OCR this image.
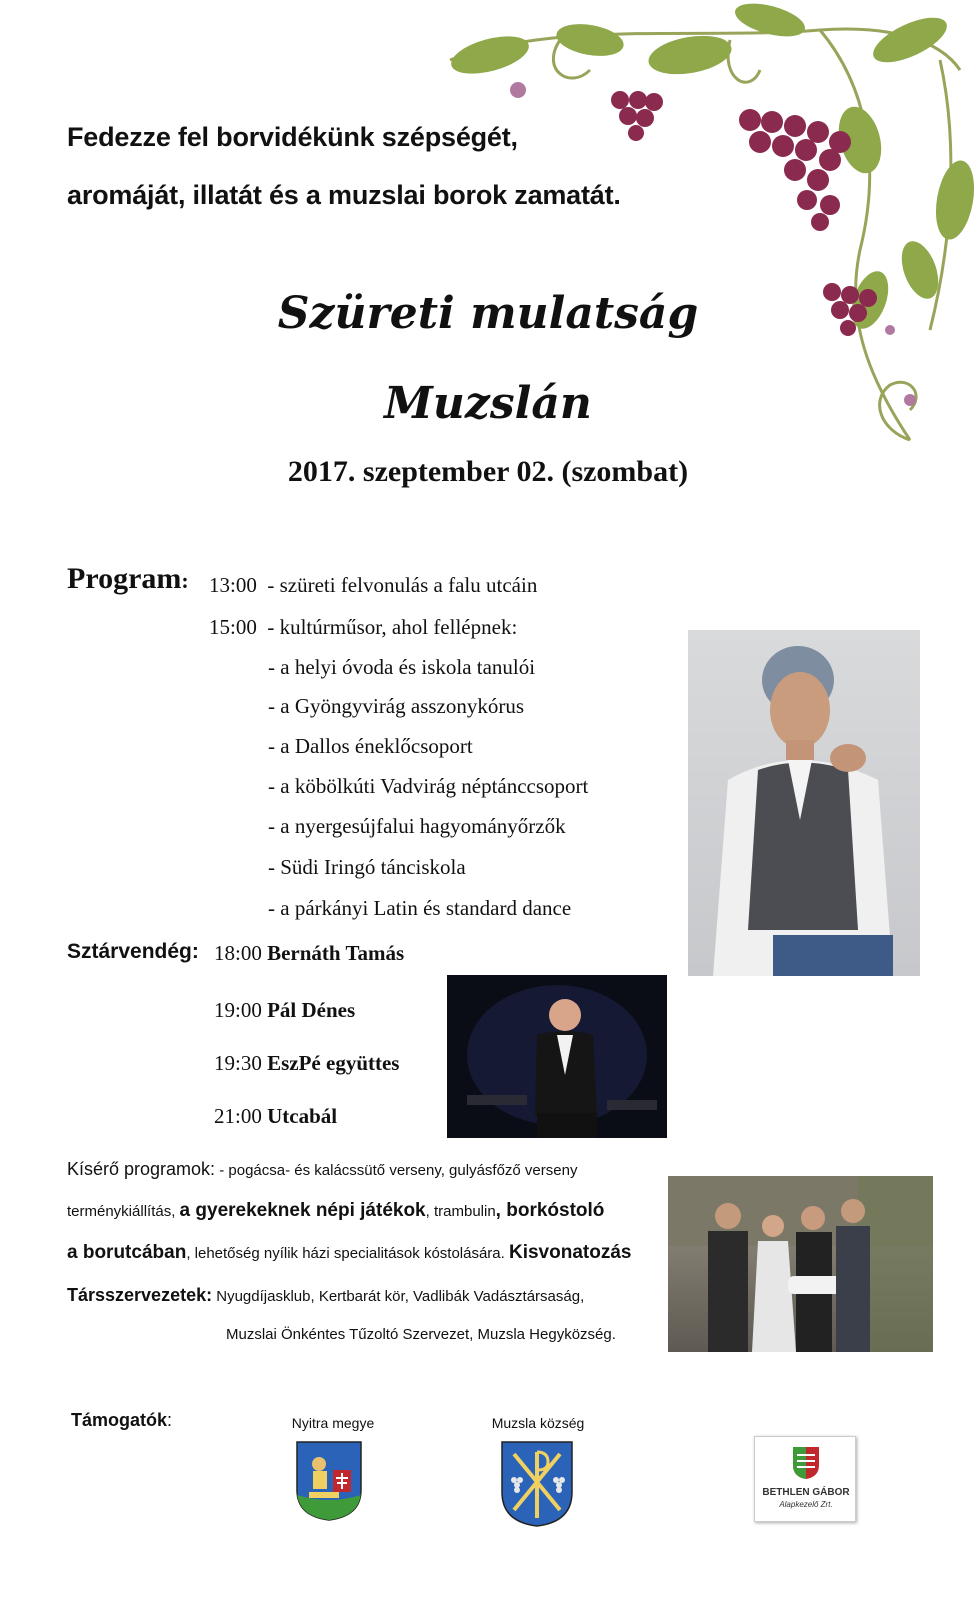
Fedezze fel borvidékünk szépségét,
aromáját, illatát és a muzslai borok zamatát.
Szüreti mulatság
Muzslán
2017. szeptember 02. (szombat)
Program: 13:00 - szüreti felvonulás a falu utcáin
15:00 - kultúrműsor, ahol fellépnek:
- a helyi óvoda és iskola tanulói
- a Gyöngyvirág asszonykórus
- a Dallos éneklőcsoport
- a köbölkúti Vadvirág néptánccsoport
- a nyergesújfalui hagyományőrzők
- Südi Iringó tánciskola
- a párkányi Latin és standard dance
Sztárvendég: 18:00 Bernáth Tamás
19:00 Pál Dénes
19:30 EszPé együttes
21:00 Utcabál
Kísérő programok: - pogácsa- és kalácssütő verseny, gulyásfőző verseny
terménykiállítás, a gyerekeknek népi játékok, trambulin, borkóstoló
a borutcában, lehetőség nyílik házi specialitások kóstolására. Kisvonatozás
Társszervezetek: Nyugdíjasklub, Kertbarát kör, Vadlibák Vadásztársaság,
Muzslai Önkéntes Tűzoltó Szervezet, Muzsla Hegyközség.
Támogatók:	Nyitra megye	Muzsla község
BETHLEN GÁBOR
Alapkezelő Zrt.
